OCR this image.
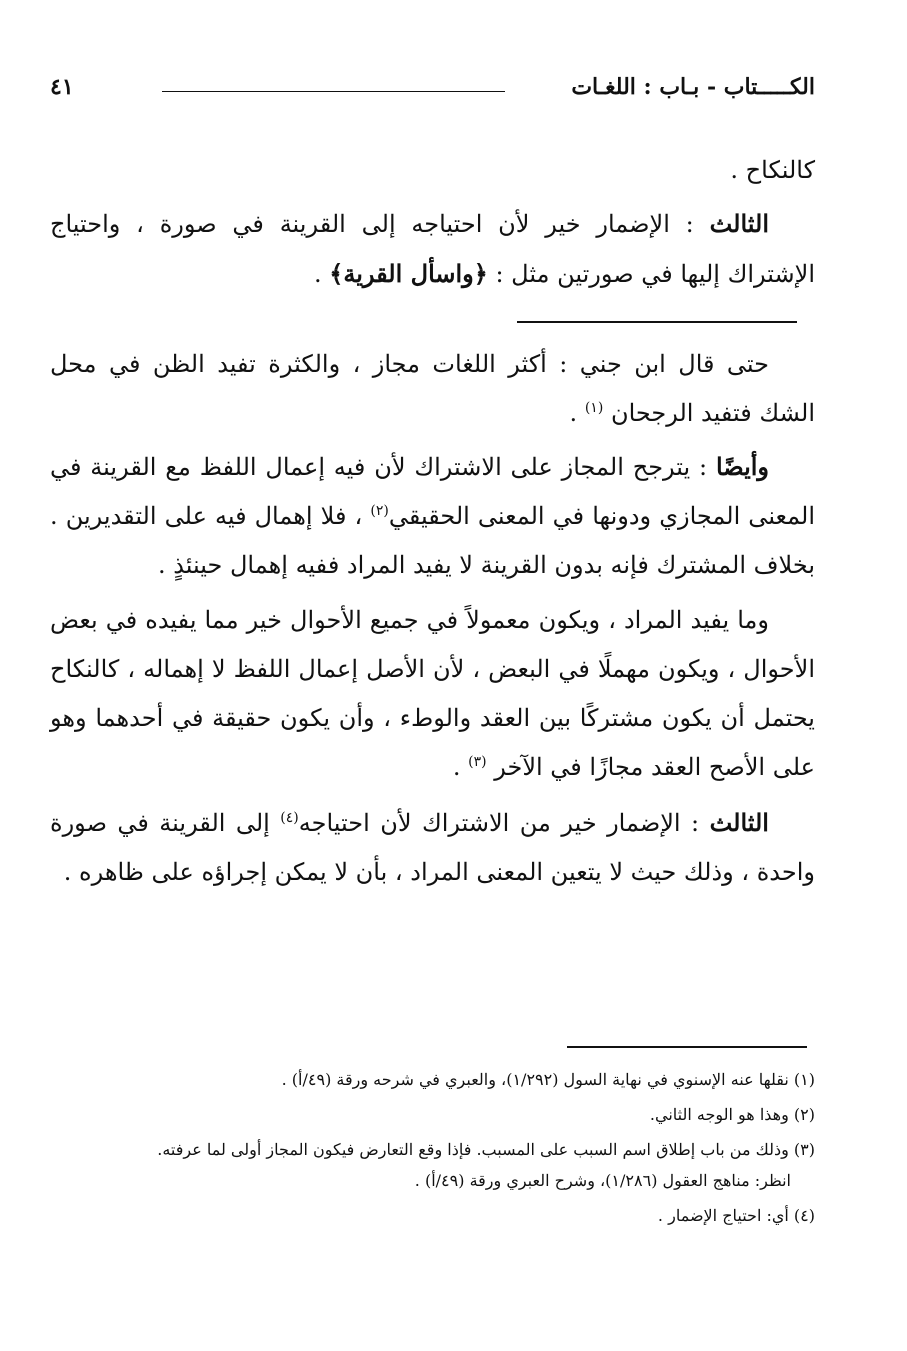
الكـــــتاب - بـاب : اللغـات
٤١

كالنكاح .

الثالث : الإضمار خير لأن احتياجه إلى القرينة في صورة ، واحتياج الإشتراك إليها في صورتين مثل : ﴿واسأل القرية﴾ .

حتى قال ابن جني : أكثر اللغات مجاز ، والكثرة تفيد الظن في محل الشك فتفيد الرجحان $^{(١)}$ .

وأيضًا : يترجح المجاز على الاشتراك لأن فيه إعمال اللفظ مع القرينة في المعنى المجازي ودونها في المعنى الحقيقي$^{(٢)}$ ، فلا إهمال فيه على التقديرين . بخلاف المشترك فإنه بدون القرينة لا يفيد المراد ففيه إهمال حينئذٍ .

وما يفيد المراد ، ويكون معمولاً في جميع الأحوال خير مما يفيده في بعض الأحوال ، ويكون مهملًا في البعض ، لأن الأصل إعمال اللفظ لا إهماله ، كالنكاح يحتمل أن يكون مشتركًا بين العقد والوطء ، وأن يكون حقيقة في أحدهما وهو على الأصح العقد مجازًا في الآخر $^{(٣)}$ .

الثالث : الإضمار خير من الاشتراك لأن احتياجه$^{(٤)}$ إلى القرينة في صورة واحدة ، وذلك حيث لا يتعين المعنى المراد ، بأن لا يمكن إجراؤه على ظاهره .

(١) نقلها عنه الإسنوي في نهاية السول (١/٢٩٢)، والعبري في شرحه ورقة (٤٩/أ) .

(٢) وهذا هو الوجه الثاني.

(٣) وذلك من باب إطلاق اسم السبب على المسبب. فإذا وقع التعارض فيكون المجاز أولى لما عرفته.
انظر: مناهج العقول (١/٢٨٦)، وشرح العبري ورقة (٤٩/أ) .

(٤) أي: احتياج الإضمار .
